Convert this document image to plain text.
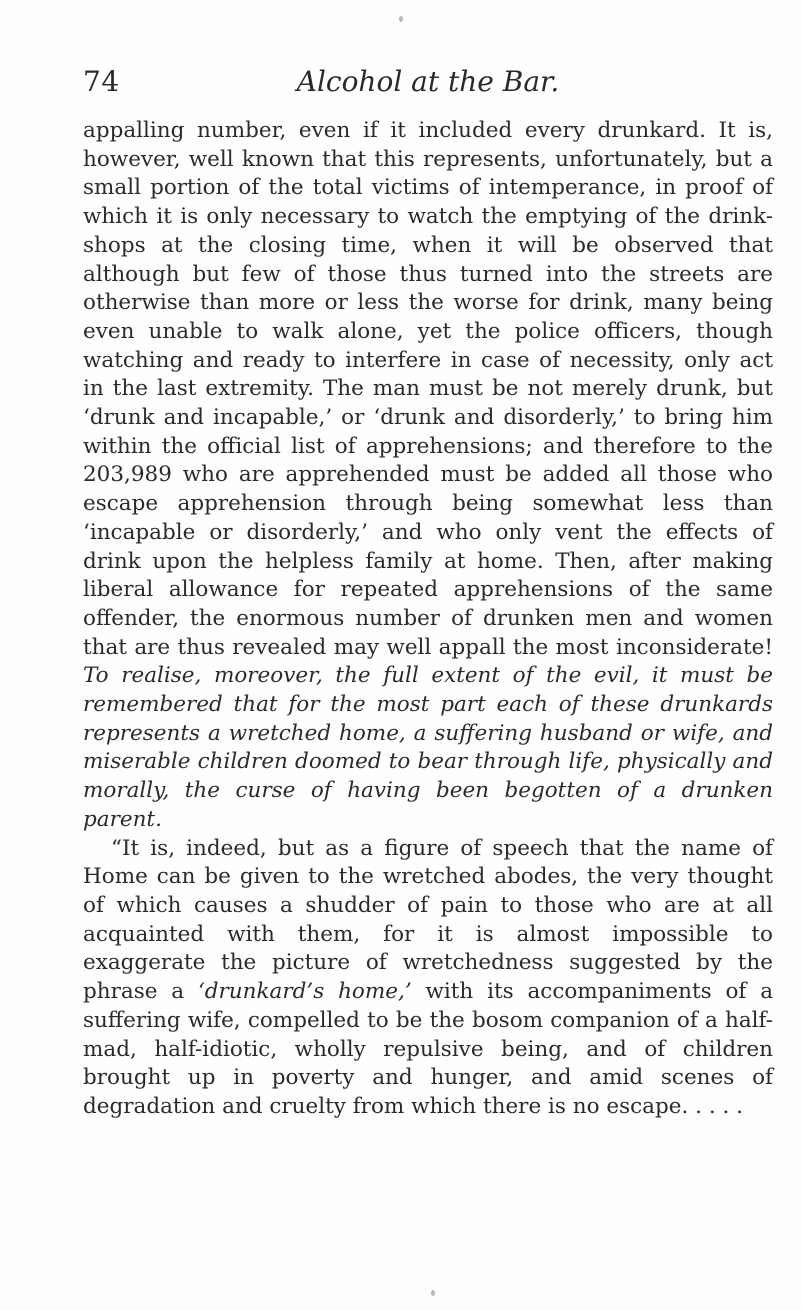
74	Alcohol at the Bar.

appalling number, even if it included every drunkard. It is, however, well known that this represents, unfortunately, but a small portion of the total victims of intemperance, in proof of which it is only necessary to watch the emptying of the drink-shops at the closing time, when it will be observed that although but few of those thus turned into the streets are otherwise than more or less the worse for drink, many being even unable to walk alone, yet the police officers, though watching and ready to interfere in case of necessity, only act in the last extremity. The man must be not merely drunk, but ‘drunk and incapable,’ or ‘drunk and disorderly,’ to bring him within the official list of apprehensions; and therefore to the 203,989 who are apprehended must be added all those who escape apprehension through being somewhat less than ‘incapable or disorderly,’ and who only vent the effects of drink upon the helpless family at home. Then, after making liberal allowance for repeated apprehensions of the same offender, the enormous number of drunken men and women that are thus revealed may well appall the most inconsiderate! To realise, moreover, the full extent of the evil, it must be remembered that for the most part each of these drunkards represents a wretched home, a suffering husband or wife, and miserable children doomed to bear through life, physically and morally, the curse of having been begotten of a drunken parent.

“It is, indeed, but as a figure of speech that the name of Home can be given to the wretched abodes, the very thought of which causes a shudder of pain to those who are at all acquainted with them, for it is almost impossible to exaggerate the picture of wretchedness suggested by the phrase a ‘drunkard’s home,’ with its accompaniments of a suffering wife, compelled to be the bosom companion of a half-mad, half-idiotic, wholly repulsive being, and of children brought up in poverty and hunger, and amid scenes of degradation and cruelty from which there is no escape. . . . .
